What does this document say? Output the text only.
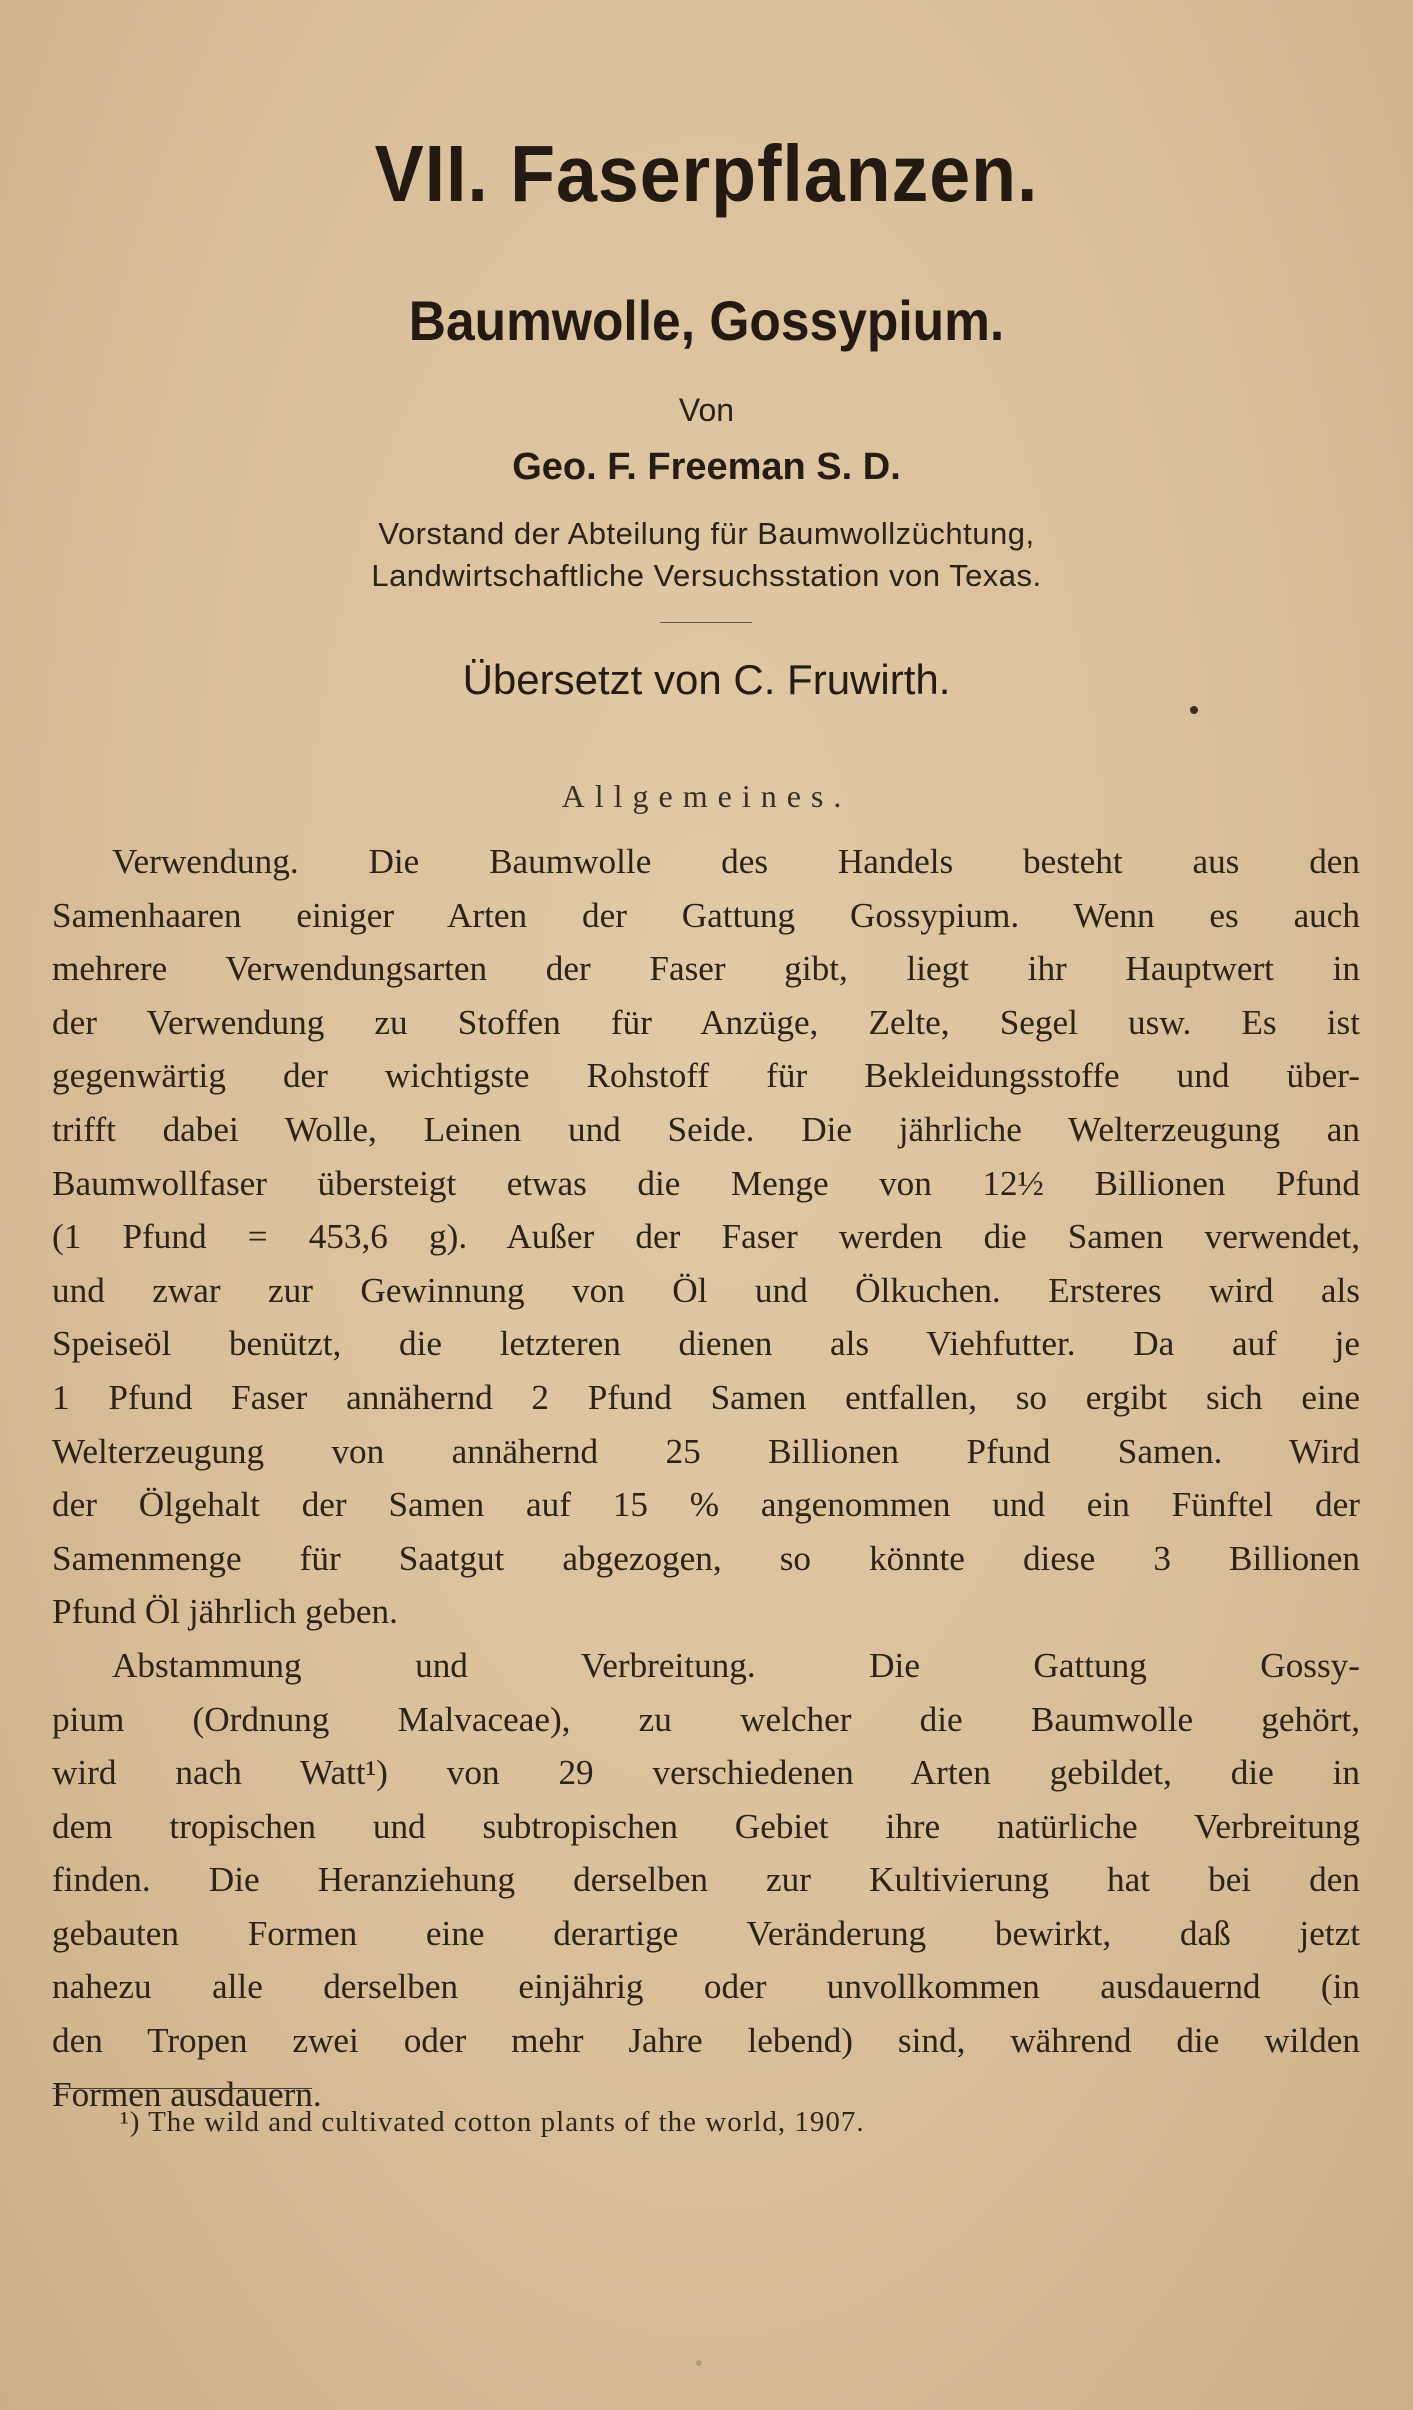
VII. Faserpflanzen.
Baumwolle, Gossypium.
Von
Geo. F. Freeman S. D.
Vorstand der Abteilung für Baumwollzüchtung,
Landwirtschaftliche Versuchsstation von Texas.
Übersetzt von C. Fruwirth.
Allgemeines.
Verwendung. Die Baumwolle des Handels besteht aus den
Samenhaaren einiger Arten der Gattung Gossypium. Wenn es auch
mehrere Verwendungsarten der Faser gibt, liegt ihr Hauptwert in
der Verwendung zu Stoffen für Anzüge, Zelte, Segel usw. Es ist
gegenwärtig der wichtigste Rohstoff für Bekleidungsstoffe und über-
trifft dabei Wolle, Leinen und Seide. Die jährliche Welterzeugung an
Baumwollfaser übersteigt etwas die Menge von 12½ Billionen Pfund
(1 Pfund = 453,6 g). Außer der Faser werden die Samen verwendet,
und zwar zur Gewinnung von Öl und Ölkuchen. Ersteres wird als
Speiseöl benützt, die letzteren dienen als Viehfutter. Da auf je
1 Pfund Faser annähernd 2 Pfund Samen entfallen, so ergibt sich eine
Welterzeugung von annähernd 25 Billionen Pfund Samen. Wird
der Ölgehalt der Samen auf 15 % angenommen und ein Fünftel der
Samenmenge für Saatgut abgezogen, so könnte diese 3 Billionen
Pfund Öl jährlich geben.
Abstammung und Verbreitung. Die Gattung Gossy-
pium (Ordnung Malvaceae), zu welcher die Baumwolle gehört,
wird nach Watt¹) von 29 verschiedenen Arten gebildet, die in
dem tropischen und subtropischen Gebiet ihre natürliche Verbreitung
finden. Die Heranziehung derselben zur Kultivierung hat bei den
gebauten Formen eine derartige Veränderung bewirkt, daß jetzt
nahezu alle derselben einjährig oder unvollkommen ausdauernd (in
den Tropen zwei oder mehr Jahre lebend) sind, während die wilden
Formen ausdauern.
¹) The wild and cultivated cotton plants of the world, 1907.
